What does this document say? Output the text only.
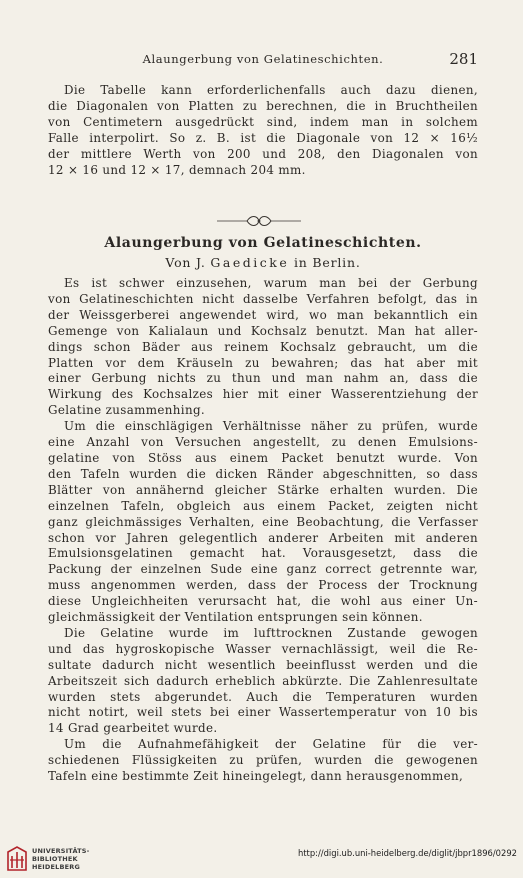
Alaungerbung von Gelatineschichten.	281
Die Tabelle kann erforderlichenfalls auch dazu dienen,
die Diagonalen von Platten zu berechnen, die in Bruchtheilen
von Centimetern ausgedrückt sind, indem man in solchem
Falle interpolirt. So z. B. ist die Diagonale von 12 × 16½
der mittlere Werth von 200 und 208, den Diagonalen von
12 × 16 und 12 × 17, demnach 204 mm.
Alaungerbung von Gelatineschichten.
Von J. Gaedicke in Berlin.
Es ist schwer einzusehen, warum man bei der Gerbung
von Gelatineschichten nicht dasselbe Verfahren befolgt, das in
der Weissgerberei angewendet wird, wo man bekanntlich ein
Gemenge von Kalialaun und Kochsalz benutzt. Man hat aller-
dings schon Bäder aus reinem Kochsalz gebraucht, um die
Platten vor dem Kräuseln zu bewahren; das hat aber mit
einer Gerbung nichts zu thun und man nahm an, dass die
Wirkung des Kochsalzes hier mit einer Wasserentziehung der
Gelatine zusammenhing.
Um die einschlägigen Verhältnisse näher zu prüfen, wurde
eine Anzahl von Versuchen angestellt, zu denen Emulsions-
gelatine von Stöss aus einem Packet benutzt wurde. Von
den Tafeln wurden die dicken Ränder abgeschnitten, so dass
Blätter von annähernd gleicher Stärke erhalten wurden. Die
einzelnen Tafeln, obgleich aus einem Packet, zeigten nicht
ganz gleichmässiges Verhalten, eine Beobachtung, die Verfasser
schon vor Jahren gelegentlich anderer Arbeiten mit anderen
Emulsionsgelatinen gemacht hat. Vorausgesetzt, dass die
Packung der einzelnen Sude eine ganz correct getrennte war,
muss angenommen werden, dass der Process der Trocknung
diese Ungleichheiten verursacht hat, die wohl aus einer Un-
gleichmässigkeit der Ventilation entsprungen sein können.
Die Gelatine wurde im lufttrocknen Zustande gewogen
und das hygroskopische Wasser vernachlässigt, weil die Re-
sultate dadurch nicht wesentlich beeinflusst werden und die
Arbeitszeit sich dadurch erheblich abkürzte. Die Zahlenresultate
wurden stets abgerundet. Auch die Temperaturen wurden
nicht notirt, weil stets bei einer Wassertemperatur von 10 bis
14 Grad gearbeitet wurde.
Um die Aufnahmefähigkeit der Gelatine für die ver-
schiedenen Flüssigkeiten zu prüfen, wurden die gewogenen
Tafeln eine bestimmte Zeit hineingelegt, dann herausgenommen,
UNIVERSITÄTS-
BIBLIOTHEK
HEIDELBERG
http://digi.ub.uni-heidelberg.de/diglit/jbpr1896/0292
